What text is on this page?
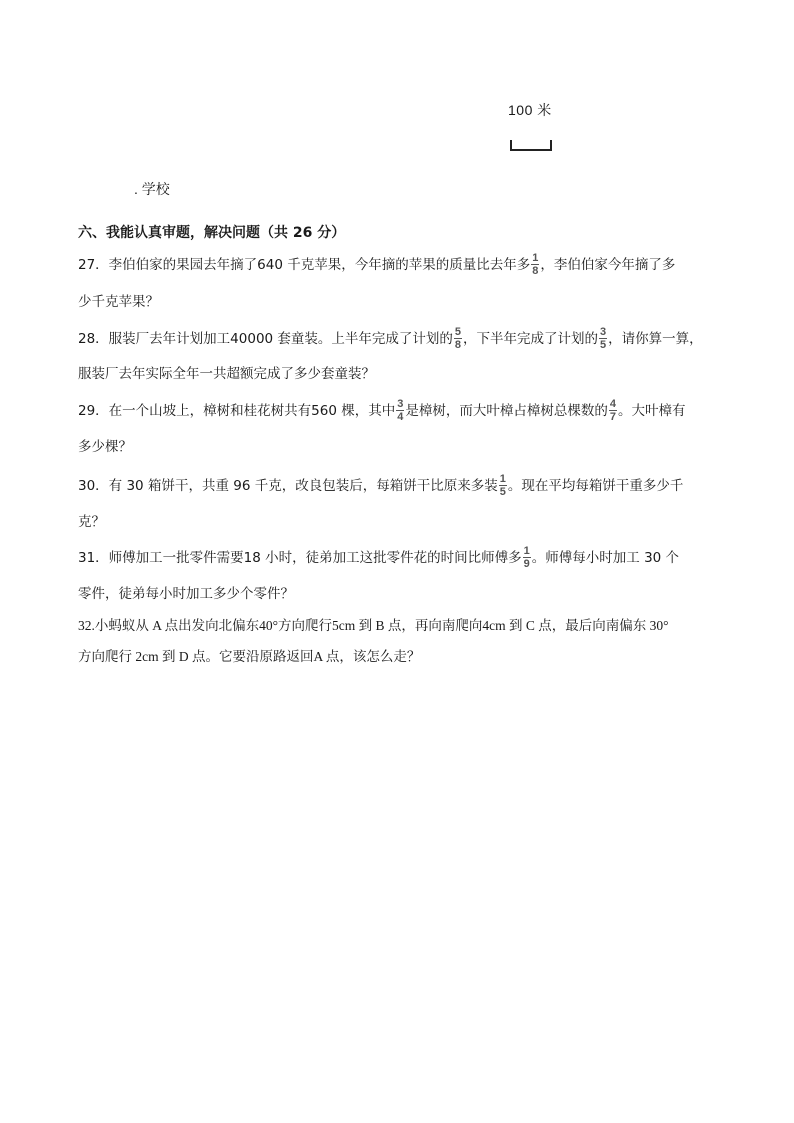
100 米
. 学校
六、我能认真审题，解决问题（共 26 分）
27．李伯伯家的果园去年摘了640 千克苹果，今年摘的苹果的质量比去年多 $\frac{1}{8}$ ，李伯伯家今年摘了多
少千克苹果？
28．服装厂去年计划加工40000 套童装。上半年完成了计划的 $\frac{5}{8}$ ，下半年完成了计划的 $\frac{3}{5}$ ，请你算一算，
服装厂去年实际全年一共超额完成了多少套童装？
29．在一个山坡上，樟树和桂花树共有560 棵，其中 $\frac{3}{4}$ 是樟树，而大叶樟占樟树总棵数的 $\frac{4}{7}$ 。大叶樟有
多少棵？
30．有 30 箱饼干，共重 96 千克，改良包装后，每箱饼干比原来多装 $\frac{1}{5}$ 。现在平均每箱饼干重多少千
克？
31．师傅加工一批零件需要18 小时，徒弟加工这批零件花的时间比师傅多 $\frac{1}{9}$ 。师傅每小时加工 30 个
零件，徒弟每小时加工多少个零件？
32.小蚂蚁从 A 点出发向北偏东40°方向爬行5cm 到 B 点，再向南爬向4cm 到 C 点，最后向南偏东 30°
方向爬行 2cm 到 D 点。它要沿原路返回A 点，该怎么走？
